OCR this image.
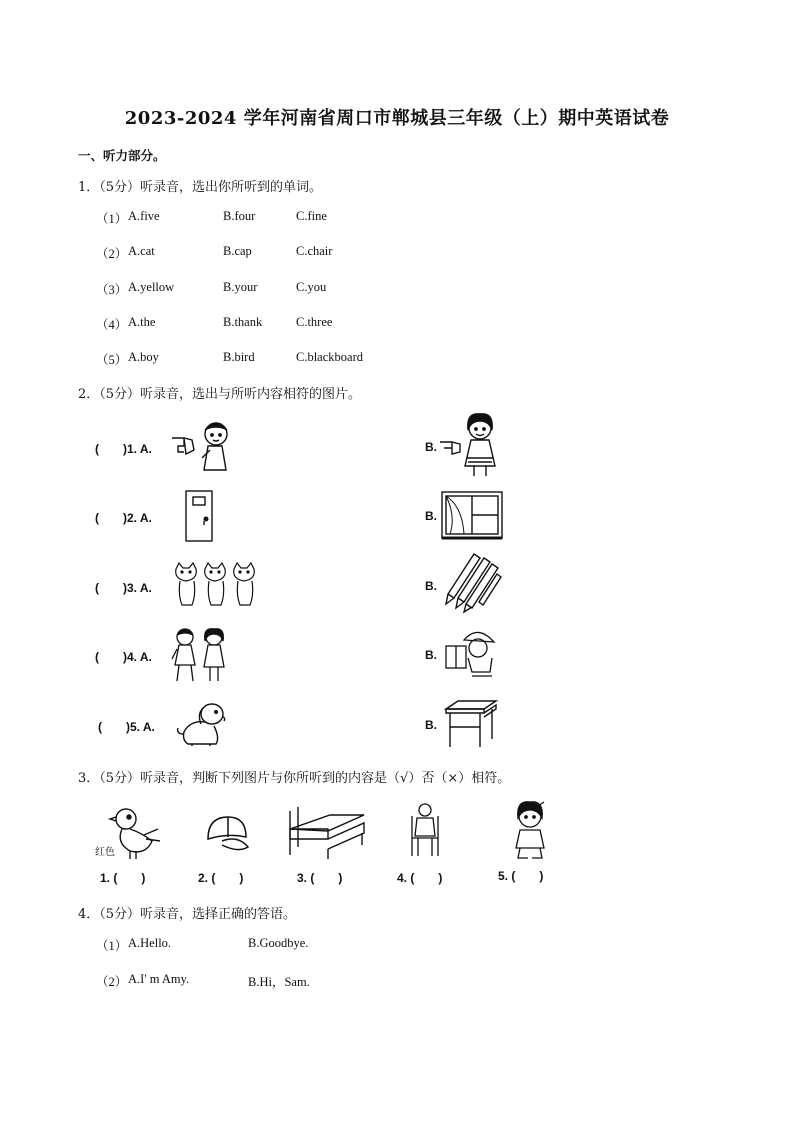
2023-2024 学年河南省周口市郸城县三年级（上）期中英语试卷
一、听力部分。
1．（5分）听录音，选出你所听到的单词。
（1） A.five	B.four	C.fine
（2） A.cat	B.cap	C.chair
（3） A.yellow	B.your	C.you
（4） A.the	B.thank	C.three
（5） A.boy	B.bird	C.blackboard
2．（5分）听录音，选出与所听内容相符的图片。
(　　)1. A.	B.
(　　)2. A.	B.
(　　)3. A.	B.
(　　)4. A.	B.
(　　)5. A.	B.
3．（5分）听录音，判断下列图片与你所听到的内容是（√）否（×）相符。
红色
1. (　　)	2. (　　)	3. (　　)	4. (　　)	5. (　　)
4．（5分）听录音，选择正确的答语。
（1） A.Hello.	B.Goodbye.
（2） A.I' m Amy.	B.Hi，Sam.
